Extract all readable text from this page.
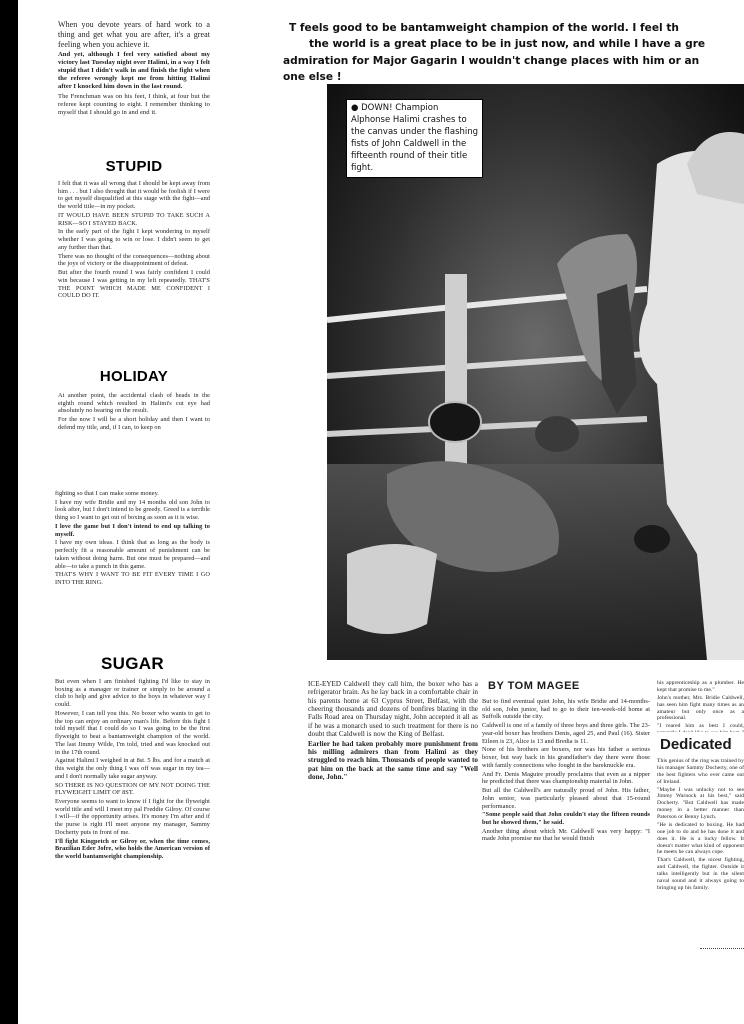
When you devote years of hard work to a thing and get what you are after, it's a great feeling when you achieve it.

And yet, although I feel very satisfied about my victory last Tuesday night over Halimi, in a way I felt stupid that I didn't walk in and finish the fight when the referee wrongly kept me from hitting Halimi after I knocked him down in the last round.

The Frenchman was on his feet, I think, at four but the referee kept counting to eight. I remember thinking to myself that I should go in and end it.

STUPID

I felt that it was all wrong that I should be kept away from him . . . but I also thought that it would be foolish if I were to get myself disqualified at this stage with the fight—and the world title—in my pocket.

IT WOULD HAVE BEEN STUPID TO TAKE SUCH A RISK—SO I STAYED BACK.

In the early part of the fight I kept wondering to myself whether I was going to win or lose. I didn't seem to get any further than that.

There was no thought of the consequences—nothing about the joys of victory or the disappointment of defeat.

But after the fourth round I was fairly confident I could win because I was getting in my left repeatedly. THAT'S THE POINT WHICH MADE ME CONFIDENT I COULD DO IT.

HOLIDAY

At another point, the accidental clash of heads in the eighth round which resulted in Halimi's cut eye had absolutely no bearing on the result.

For the now I will be a short holiday and then I want to defend my title, and, if I can, to keep on

fighting so that I can make some money.

I have my wife Bridie and my 14 months old son John to look after, but I don't intend to be greedy. Greed is a terrible thing so I want to get out of boxing as soon as it is wise.

I love the game but I don't intend to end up talking to myself.

I have my own ideas. I think that as long as the body is perfectly fit a reasonable amount of punishment can be taken without doing harm. But one must be prepared—and able—to take a punch in this game.

THAT'S WHY I WANT TO BE FIT EVERY TIME I GO INTO THE RING.

SUGAR

But even when I am finished fighting I'd like to stay in boxing as a manager or trainer or simply to be around a club to help and give advice to the boys in whatever way I could.

However, I can tell you this. No boxer who wants to get to the top can enjoy an ordinary man's life. Before this fight I told myself that I could do so I was going to be the first flyweight to beat a bantamweight champion of the world. The last Jimmy Wilde, I'm told, tried and was knocked out in the 17th round.

Against Halimi I weighed in at 8st. 5 lbs. and for a match at this weight the only thing I was off was sugar in my tea—and I don't normally take sugar anyway.

SO THERE IS NO QUESTION OF MY NOT DOING THE FLYWEIGHT LIMIT OF 8ST.

Everyone seems to want to know if I fight for the flyweight world title and will I meet my pal Freddie Gilroy. Of course I will—if the opportunity arises. It's money I'm after and if the purse is right I'll meet anyone my manager, Sammy Docherty puts in front of me.

I'll fight Kingpetch or Gilroy or, when the time comes, Brazilian Eder Jofre, who holds the American version of the world bantamweight championship.

T feels good to be bantamweight champion of the world. I feel th
the world is a great place to be in just now, and while I have a gre
admiration for Major Gagarin I wouldn't change places with him or an
one else !
● DOWN! Champion Alphonse Halimi crashes to the canvas under the flashing fists of John Caldwell in the fifteenth round of their title fight.

ICE-EYED Caldwell they call him, the boxer who has a refrigerator brain. As he lay back in a comfortable chair in his parents home at 63 Cyprus Street, Belfast, with the cheering thousands and dozens of bonfires blazing in the Falls Road area on Thursday night, John accepted it all as if he was a monarch used to such treatment for there is no doubt that Caldwell is now the King of Belfast.

Earlier he had taken probably more punishment from his milling admirers than from Halimi as they struggled to reach him. Thousands of people wanted to pat him on the back at the same time and say "Well done, John."

BY TOM MAGEE

But to find eventual quiet John, his wife Bridie and 14-months-old son, John junior, had to go to their ten-week-old home at Suffolk outside the city.

Caldwell is one of a family of three boys and three girls. The 23-year-old boxer has brothers Denis, aged 25, and Paul (16). Sister Eileen is 23, Alice is 13 and Bredia is 11.

None of his brothers are boxers, nor was his father a serious boxer, but way back in his grandfather's day there were those with family connections who fought in the bareknuckle era.

And Fr. Denis Maguire proudly proclaims that even as a nipper he predicted that there was championship material in John.

But all the Caldwell's are naturally proud of John. His father, John senior, was particularly pleased about that 15-round performance.

"Some people said that John couldn't stay the fifteen rounds but he showed them," he said.

Another thing about which Mr. Caldwell was very happy: "I made John promise me that he would finish

his apprenticeship as a plumber. He kept that promise to me."

John's mother, Mrs. Bridie Caldwell, has seen him fight many times as an amateur but only once as a professional.

"I reared him as best I could,

Dedicated

This genius of the ring was trained by his manager Sammy Docherty, one of the best fighters who ever came out of Ireland.

"Maybe I was unlucky not to see Jimmy Warnock at his best," said Docherty. "But Caldwell has made money in a better manner than Paterson or Benny Lynch.

"He is dedicated to boxing. He had one job to do and he has done it and does it. He is a lucky fellow. It doesn't matter what kind of opponent he meets he can always cope.

That's Caldwell, the nicest fighting, and Caldwell, the fighter. Outside it talks intelligently but in the silent naval sound and it always going to bringing up his family.
